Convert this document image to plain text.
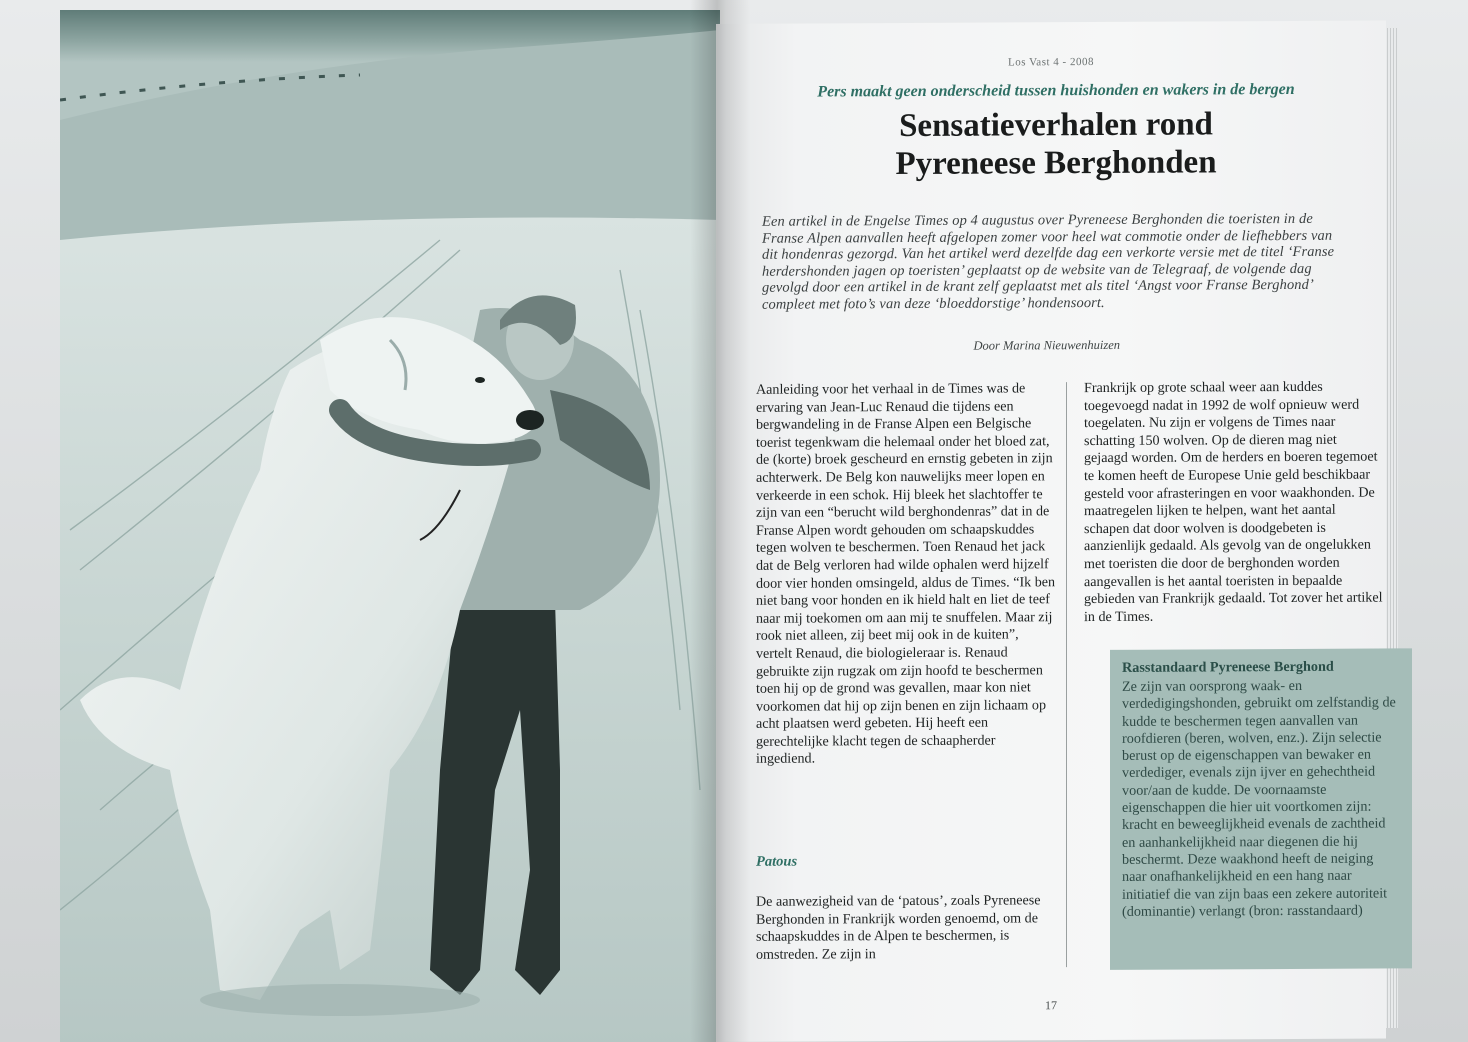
Los Vast 4 - 2008
Pers maakt geen onderscheid tussen huishonden en wakers in de bergen
Sensatieverhalen rond
Pyreneese Berghonden
Een artikel in de Engelse Times op 4 augustus over Pyreneese Berghonden die toeristen in de Franse Alpen aanvallen heeft afgelopen zomer voor heel wat commotie onder de liefhebbers van dit hondenras gezorgd. Van het artikel werd dezelfde dag een verkorte versie met de titel ‘Franse herdershonden jagen op toeristen’ geplaatst op de website van de Telegraaf, de volgende dag gevolgd door een artikel in de krant zelf geplaatst met als titel ‘Angst voor Franse Berghond’ compleet met foto’s van deze ‘bloeddorstige’ hondensoort.
Door Marina Nieuwenhuizen

Aanleiding voor het verhaal in de Times was de ervaring van Jean-Luc Renaud die tijdens een bergwandeling in de Franse Alpen een Belgische toerist tegenkwam die helemaal onder het bloed zat, de (korte) broek gescheurd en ernstig gebeten in zijn achterwerk. De Belg kon nauwelijks meer lopen en verkeerde in een schok. Hij bleek het slachtoffer te zijn van een “berucht wild berghondenras” dat in de Franse Alpen wordt gehouden om schaapskuddes tegen wolven te beschermen. Toen Renaud het jack dat de Belg verloren had wilde ophalen werd hijzelf door vier honden omsingeld, aldus de Times. “Ik ben niet bang voor honden en ik hield halt en liet de teef naar mij toekomen om aan mij te snuffelen. Maar zij rook niet alleen, zij beet mij ook in de kuiten”, vertelt Renaud, die biologieleraar is. Renaud gebruikte zijn rugzak om zijn hoofd te beschermen toen hij op de grond was gevallen, maar kon niet voorkomen dat hij op zijn benen en zijn lichaam op acht plaatsen werd gebeten. Hij heeft een gerechtelijke klacht tegen de schaapherder ingediend.

Patous

De aanwezigheid van de ‘patous’, zoals Pyreneese Berghonden in Frankrijk worden genoemd, om de schaapskuddes in de Alpen te beschermen, is omstreden. Ze zijn in

Frankrijk op grote schaal weer aan kuddes toegevoegd nadat in 1992 de wolf opnieuw werd toegelaten. Nu zijn er volgens de Times naar schatting 150 wolven. Op de dieren mag niet gejaagd worden. Om de herders en boeren tegemoet te komen heeft de Europese Unie geld beschikbaar gesteld voor afrasteringen en voor waakhonden. De maatregelen lijken te helpen, want het aantal schapen dat door wolven is doodgebeten is aanzienlijk gedaald. Als gevolg van de ongelukken met toeristen die door de berghonden worden aangevallen is het aantal toeristen in bepaalde gebieden van Frankrijk gedaald. Tot zover het artikel in de Times.

Rasstandaard Pyreneese Berghond

Ze zijn van oorsprong waak- en verdedigingshonden, gebruikt om zelfstandig de kudde te beschermen tegen aanvallen van roofdieren (beren, wolven, enz.). Zijn selectie berust op de eigenschappen van bewaker en verdediger, evenals zijn ijver en gehechtheid voor/aan de kudde. De voornaamste eigenschappen die hier uit voortkomen zijn: kracht en beweeglijkheid evenals de zachtheid en aanhankelijkheid naar diegenen die hij beschermt. Deze waakhond heeft de neiging naar onafhankelijkheid en een hang naar initiatief die van zijn baas een zekere autoriteit (dominantie) verlangt (bron: rasstandaard)

17
